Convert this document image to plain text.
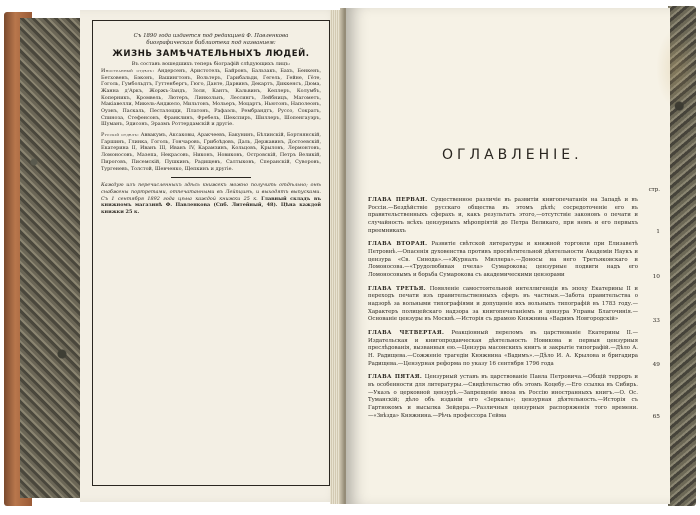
Съ 1890 года издается под редакцией Ф. Павленкова биографическая библиотека под названием:
ЖИЗНЬ ЗАМѢЧАТЕЛЬНЫХЪ ЛЮДЕЙ.
Въ составъ вошедшихъ теперь біографій слѣдующихъ лицъ:
Иностранный отдѣлъ: Андерсенъ, Аристотель, Байронъ, Бальзакъ, Бахъ, Бенкенъ, Бетховенъ, Бэконъ, Вашингтонъ, Вольтеръ, Гарибальди, Гегель, Гейне, Гёте, Гоголь, Гумбольдтъ, Гуттенбергъ, Гюго, Данте, Дарвинъ, Декартъ, Диккенсъ, Дюма, Жанна д'Аркъ, Жоржъ-Зандъ, Золя, Кантъ, Кальвинъ, Кеплеръ, Колумбъ, Коперникъ, Кромвель, Лютеръ, Линкольнъ, Лессингъ, Лейбницъ, Магометъ, Макіавелли, Микель-Анджело, Мильтонъ, Мольеръ, Моцартъ, Ньютонъ, Наполеонъ, Оуэнъ, Паскаль, Песталоцци, Платонъ, Рафаэль, Рембрандтъ, Руссо, Сократъ, Спиноза, Стефенсонъ, Франклинъ, Фребель, Шекспиръ, Шиллеръ, Шопенгауэръ, Шуманъ, Эдисонъ, Эразмъ Роттердамскій и другіе.
Русскій отдѣлъ: Аввакумъ, Аксаковы, Аракчеевъ, Бакунинъ, Бѣлинскій, Бортнянскій, Гаршинъ, Глинка, Гоголь, Гончаровъ, Грибоѣдовъ, Даль, Державинъ, Достоевскій, Екатерина II, Иванъ III, Иванъ IV, Карамзинъ, Кольцовъ, Крыловъ, Лермонтовъ, Ломоносовъ, Мазепа, Некрасовъ, Никонъ, Новиковъ, Островскій, Петръ Великій, Пироговъ, Писемскій, Пушкинъ, Радищевъ, Салтыковъ, Сперанскій, Суворовъ, Тургеневъ, Толстой, Шевченко, Щепкинъ и другіе.
Каждую изъ перечисленныхъ здѣсь книжекъ можно получить отдѣльно; онѣ снабжены портретами, отпечатанными въ Лейпцигѣ, и выходятъ выпусками. Съ 1 сентября 1892 года цѣна каждой книжки 25 к. Главный складъ въ книжномъ магазинѣ Ф. Павленкова (Спб. Литейный, 48). Цѣна каждой книжки 25 к.
ОГЛАВЛЕНІЕ.
стр.
ГЛАВА ПЕРВАЯ. Существенное различіе въ развитіи книгопечатанія на Западѣ и въ Россіи.—Бездѣйствіе русскаго общества въ этомъ дѣлѣ; сосредоточеніе его въ правительственныхъ сферахъ и, какъ результатъ этого,—отсутствіе законовъ о печати и случайность всѣхъ цензурныхъ мѣропріятій до Петра Великаго, при немъ и его первыхъ преемникахъ	1
ГЛАВА ВТОРАЯ. Развитіе свѣтской литературы и книжной торговли при Елизаветѣ Петровнѣ.—Опасенія духовенства противъ просвѣтительной дѣятельности Академіи Наукъ и цензура «Св. Синода».—«Журналъ Миллера».—Доносы на него Третьяковскаго и Ломоносова.—«Трудолюбивая пчела» Сумарокова; цензурные подвиги надъ его Ломоносовымъ и борьба Сумарокова съ академическими цензорами	10
ГЛАВА ТРЕТЬЯ. Появленіе самостоятельной интеллигенціи въ эпоху Екатерины II и переходъ печати изъ правительственныхъ сферъ въ частныя.—Забота правительства о надзорѣ за вольными типографіями и допущеніе ихъ вольныхъ типографій въ 1783 году.—Характеръ полицейскаго надзора за книгопечатаніемъ и цензура Управы Благочинія.—Основаніе цензуры въ Москвѣ.—Исторія съ драмою Княжнина «Вадимъ Новгородскій»	33
ГЛАВА ЧЕТВЕРТАЯ. Реакціонный переломъ въ царствованіе Екатерины II.—Издательская и книгопродавческая дѣятельность Новикова и первыя цензурныя преслѣдованія, вызванныя ею.—Цензура масонскихъ книгъ и закрытіе типографій.—Дѣло А. Н. Радищева.—Сожженіе трагедіи Княжнина «Вадимъ».—Дѣло И. А. Крылова и бригадира Радищева.—Цензурная реформа по указу 16 сентября 1796 года	49
ГЛАВА ПЯТАЯ. Цензурный уставъ въ царствованіе Павла Петровича.—Общій терроръ и въ особенности для литературы.—Свидѣтельство объ этомъ Коцебу.—Его ссылка въ Сибирь.—Указъ о церковной цензурѣ.—Запрещеніе ввоза въ Россію иностранныхъ книгъ.—О. Ос. Туманскій; дѣло объ изданіи его «Зеркала»; цензурная дѣятельность.—Исторія съ Гартнокомъ и высылка Зейдера.—Различныя цензурныя распоряженія того времени.—«Звѣзда» Княжнина.—Рѣчь профессора Гейма	65
